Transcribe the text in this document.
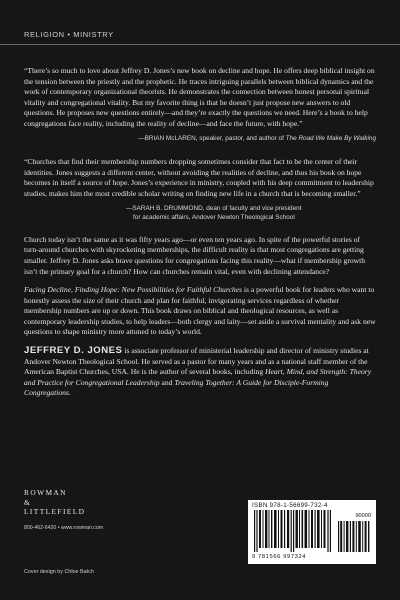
RELIGION • MINISTRY

“There’s so much to love about Jeffrey D. Jones’s new book on decline and hope. He offers deep biblical insight on the tension between the priestly and the prophetic. He traces intriguing parallels between biblical dynamics and the work of contemporary organizational theorists. He demonstrates the connection between honest personal spiritual vitality and congregational vitality. But my favorite thing is that he doesn’t just propose new answers to old questions. He proposes new questions entirely—and they’re exactly the questions we need. Here’s a book to help congregations face reality, including the reality of decline—and face the future, with hope.”

—BRIAN McLAREN, speaker, pastor, and author of The Road We Make By Walking

“Churches that find their membership numbers dropping sometimes consider that fact to be the center of their identities. Jones suggests a different center, without avoiding the realities of decline, and thus his book on hope becomes in itself a source of hope. Jones’s experience in ministry, coupled with his deep commitment to leadership studies, makes him the most credible scholar writing on finding new life in a church that is becoming smaller.”

—SARAH B. DRUMMOND, dean of faculty and vice president
for academic affairs, Andover Newton Theological School

Church today isn’t the same as it was fifty years ago—or even ten years ago. In spite of the powerful stories of turn-around churches with skyrocketing memberships, the difficult reality is that most congregations are getting smaller. Jeffrey D. Jones asks brave questions for congregations facing this reality—what if membership growth isn’t the primary goal for a church? How can churches remain vital, even with declining attendance?

Facing Decline, Finding Hope: New Possibilities for Faithful Churches is a powerful book for leaders who want to honestly assess the size of their church and plan for faithful, invigorating services regardless of whether membership numbers are up or down. This book draws on biblical and theological resources, as well as contemporary leadership studies, to help leaders—both clergy and laity—set aside a survival mentality and ask new questions to shape ministry more attuned to today’s world.

JEFFREY D. JONES is associate professor of ministerial leadership and director of ministry studies at Andover Newton Theological School. He served as a pastor for many years and as a national staff member of the American Baptist Churches, USA. He is the author of several books, including Heart, Mind, and Strength: Theory and Practice for Congregational Leadership and Traveling Together: A Guide for Disciple-Forming Congregations.

ROWMAN
&
LITTLEFIELD
800-462-6420 • www.rowman.com
Cover design by Chloe Batch
ISBN 978-1-56699-732-4
90000
9 781566 997324
